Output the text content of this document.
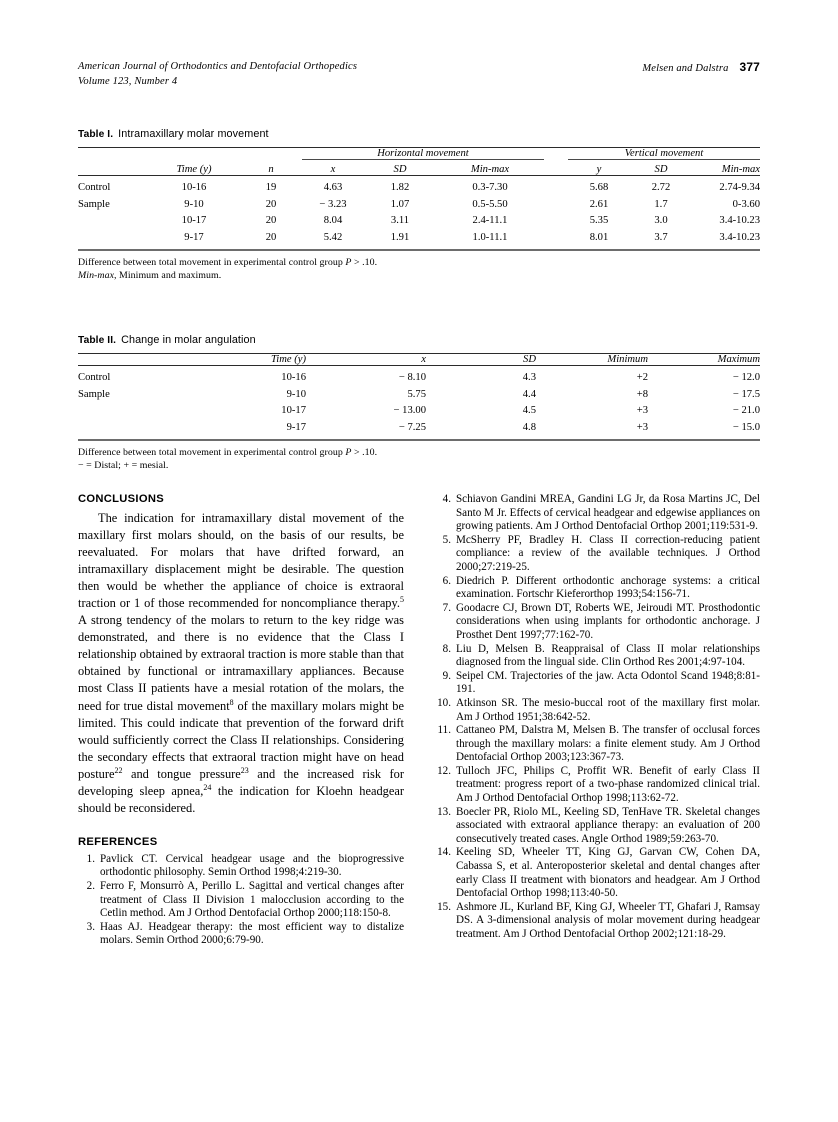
American Journal of Orthodontics and Dentofacial Orthopedics
Volume 123, Number 4
Melsen and Dalstra 377
Table I. Intramaxillary molar movement
			Horizontal movement				Vertical movement		

	Time (y)	n	x	SD	Min-max		y	SD	Min-max
Control	10-16	19	4.63	1.82	0.3-7.30		5.68	2.72	2.74-9.34
Sample	9-10	20	− 3.23	1.07	0.5-5.50		2.61	1.7	0-3.60
	10-17	20	8.04	3.11	2.4-11.1		5.35	3.0	3.4-10.23
	9-17	20	5.42	1.91	1.0-11.1		8.01	3.7	3.4-10.23
Difference between total movement in experimental control group P > .10.
Min-max, Minimum and maximum.
Table II. Change in molar angulation
	Time (y)	x	SD	Minimum	Maximum
Control	10-16	− 8.10	4.3	+2	− 12.0
Sample	9-10	5.75	4.4	+8	− 17.5
	10-17	− 13.00	4.5	+3	− 21.0
	9-17	− 7.25	4.8	+3	− 15.0
Difference between total movement in experimental control group P > .10.
− = Distal; + = mesial.
CONCLUSIONS

The indication for intramaxillary distal movement of the maxillary first molars should, on the basis of our results, be reevaluated. For molars that have drifted forward, an intramaxillary displacement might be desirable. The question then would be whether the appliance of choice is extraoral traction or 1 of those recommended for noncompliance therapy.$^5$ A strong tendency of the molars to return to the key ridge was demonstrated, and there is no evidence that the Class I relationship obtained by extraoral traction is more stable than that obtained by functional or intramaxillary appliances. Because most Class II patients have a mesial rotation of the molars, the need for true distal movement$^8$ of the maxillary molars might be limited. This could indicate that prevention of the forward drift would sufficiently correct the Class II relationships. Considering the secondary effects that extraoral traction might have on head posture$^{22}$ and tongue pressure$^{23}$ and the increased risk for developing sleep apnea,$^{24}$ the indication for Kloehn headgear should be reconsidered.

REFERENCES
1. Pavlick CT. Cervical headgear usage and the bioprogressive orthodontic philosophy. Semin Orthod 1998;4:219-30.
2. Ferro F, Monsurrò A, Perillo L. Sagittal and vertical changes after treatment of Class II Division 1 malocclusion according to the Cetlin method. Am J Orthod Dentofacial Orthop 2000;118:150-8.
3. Haas AJ. Headgear therapy: the most efficient way to distalize molars. Semin Orthod 2000;6:79-90.
4. Schiavon Gandini MREA, Gandini LG Jr, da Rosa Martins JC, Del Santo M Jr. Effects of cervical headgear and edgewise appliances on growing patients. Am J Orthod Dentofacial Orthop 2001;119:531-9.
5. McSherry PF, Bradley H. Class II correction-reducing patient compliance: a review of the available techniques. J Orthod 2000;27:219-25.
6. Diedrich P. Different orthodontic anchorage systems: a critical examination. Fortschr Kieferorthop 1993;54:156-71.
7. Goodacre CJ, Brown DT, Roberts WE, Jeiroudi MT. Prosthodontic considerations when using implants for orthodontic anchorage. J Prosthet Dent 1997;77:162-70.
8. Liu D, Melsen B. Reappraisal of Class II molar relationships diagnosed from the lingual side. Clin Orthod Res 2001;4:97-104.
9. Seipel CM. Trajectories of the jaw. Acta Odontol Scand 1948;8:81-191.
10. Atkinson SR. The mesio-buccal root of the maxillary first molar. Am J Orthod 1951;38:642-52.
11. Cattaneo PM, Dalstra M, Melsen B. The transfer of occlusal forces through the maxillary molars: a finite element study. Am J Orthod Dentofacial Orthop 2003;123:367-73.
12. Tulloch JFC, Philips C, Proffit WR. Benefit of early Class II treatment: progress report of a two-phase randomized clinical trial. Am J Orthod Dentofacial Orthop 1998;113:62-72.
13. Boecler PR, Riolo ML, Keeling SD, TenHave TR. Skeletal changes associated with extraoral appliance therapy: an evaluation of 200 consecutively treated cases. Angle Orthod 1989;59:263-70.
14. Keeling SD, Wheeler TT, King GJ, Garvan CW, Cohen DA, Cabassa S, et al. Anteroposterior skeletal and dental changes after early Class II treatment with bionators and headgear. Am J Orthod Dentofacial Orthop 1998;113:40-50.
15. Ashmore JL, Kurland BF, King GJ, Wheeler TT, Ghafari J, Ramsay DS. A 3-dimensional analysis of molar movement during headgear treatment. Am J Orthod Dentofacial Orthop 2002;121:18-29.
